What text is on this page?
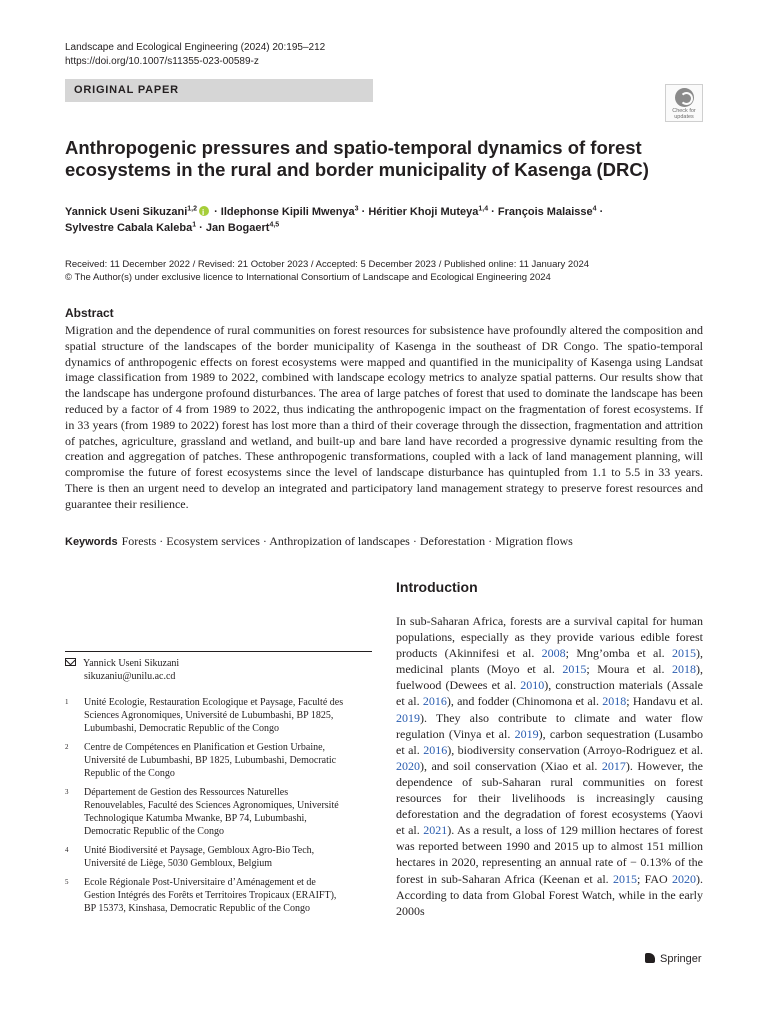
Landscape and Ecological Engineering (2024) 20:195–212
https://doi.org/10.1007/s11355-023-00589-z
ORIGINAL PAPER
Check for updates
Anthropogenic pressures and spatio-temporal dynamics of forest ecosystems in the rural and border municipality of Kasenga (DRC)
Yannick Useni Sikuzani$^{1,2}$i · Ildephonse Kipili Mwenya$^3$ · Héritier Khoji Muteya$^{1,4}$ · François Malaisse$^4$ ·
Sylvestre Cabala Kaleba$^1$ · Jan Bogaert$^{4,5}$
Received: 11 December 2022 / Revised: 21 October 2023 / Accepted: 5 December 2023 / Published online: 11 January 2024
© The Author(s) under exclusive licence to International Consortium of Landscape and Ecological Engineering 2024
Abstract

Migration and the dependence of rural communities on forest resources for subsistence have profoundly altered the composition and spatial structure of the landscapes of the border municipality of Kasenga in the southeast of DR Congo. The spatio-temporal dynamics of anthropogenic effects on forest ecosystems were mapped and quantified in the municipality of Kasenga using Landsat image classification from 1989 to 2022, combined with landscape ecology metrics to analyze spatial patterns. Our results show that the landscape has undergone profound disturbances. The area of large patches of forest that used to dominate the landscape has been reduced by a factor of 4 from 1989 to 2022, thus indicating the anthropogenic impact on the fragmentation of forest ecosystems. If in 33 years (from 1989 to 2022) forest has lost more than a third of their coverage through the dissection, fragmentation and attrition of patches, agriculture, grassland and wetland, and built-up and bare land have recorded a progressive dynamic resulting from the creation and aggregation of patches. These anthropogenic transformations, coupled with a lack of land management planning, will compromise the future of forest ecosystems since the level of landscape disturbance has quintupled from 1.1 to 5.5 in 33 years. There is then an urgent need to develop an integrated and participatory land management strategy to preserve forest resources and guarantee their resilience.

Keywords Forests · Ecosystem services · Anthropization of landscapes · Deforestation · Migration flows
Introduction

In sub-Saharan Africa, forests are a survival capital for human populations, especially as they provide various edible forest products (Akinnifesi et al. 2008; Mng’omba et al. 2015), medicinal plants (Moyo et al. 2015; Moura et al. 2018), fuelwood (Dewees et al. 2010), construction materials (Assale et al. 2016), and fodder (Chinomona et al. 2018; Handavu et al. 2019). They also contribute to climate and water flow regulation (Vinya et al. 2019), carbon sequestration (Lusambo et al. 2016), biodiversity conservation (Arroyo-Rodriguez et al. 2020), and soil conservation (Xiao et al. 2017). However, the dependence of sub-Saharan rural communities on forest resources for their livelihoods is increasingly causing deforestation and the degradation of forest ecosystems (Yaovi et al. 2021). As a result, a loss of 129 million hectares of forest was reported between 1990 and 2015 up to almost 151 million hectares in 2020, representing an annual rate of − 0.13% of the forest in sub-Saharan Africa (Keenan et al. 2015; FAO 2020). According to data from Global Forest Watch, while in the early 2000s

Yannick Useni Sikuzani
sikuzaniu@unilu.ac.cd
1 Unité Ecologie, Restauration Ecologique et Paysage, Faculté des Sciences Agronomiques, Université de Lubumbashi, BP 1825, Lubumbashi, Democratic Republic of the Congo
2 Centre de Compétences en Planification et Gestion Urbaine, Université de Lubumbashi, BP 1825, Lubumbashi, Democratic Republic of the Congo
3 Département de Gestion des Ressources Naturelles Renouvelables, Faculté des Sciences Agronomiques, Université Technologique Katumba Mwanke, BP 74, Lubumbashi, Democratic Republic of the Congo
4 Unité Biodiversité et Paysage, Gembloux Agro-Bio Tech, Université de Liège, 5030 Gembloux, Belgium
5 Ecole Régionale Post-Universitaire d’Aménagement et de Gestion Intégrés des Forêts et Territoires Tropicaux (ERAIFT), BP 15373, Kinshasa, Democratic Republic of the Congo
Springer
